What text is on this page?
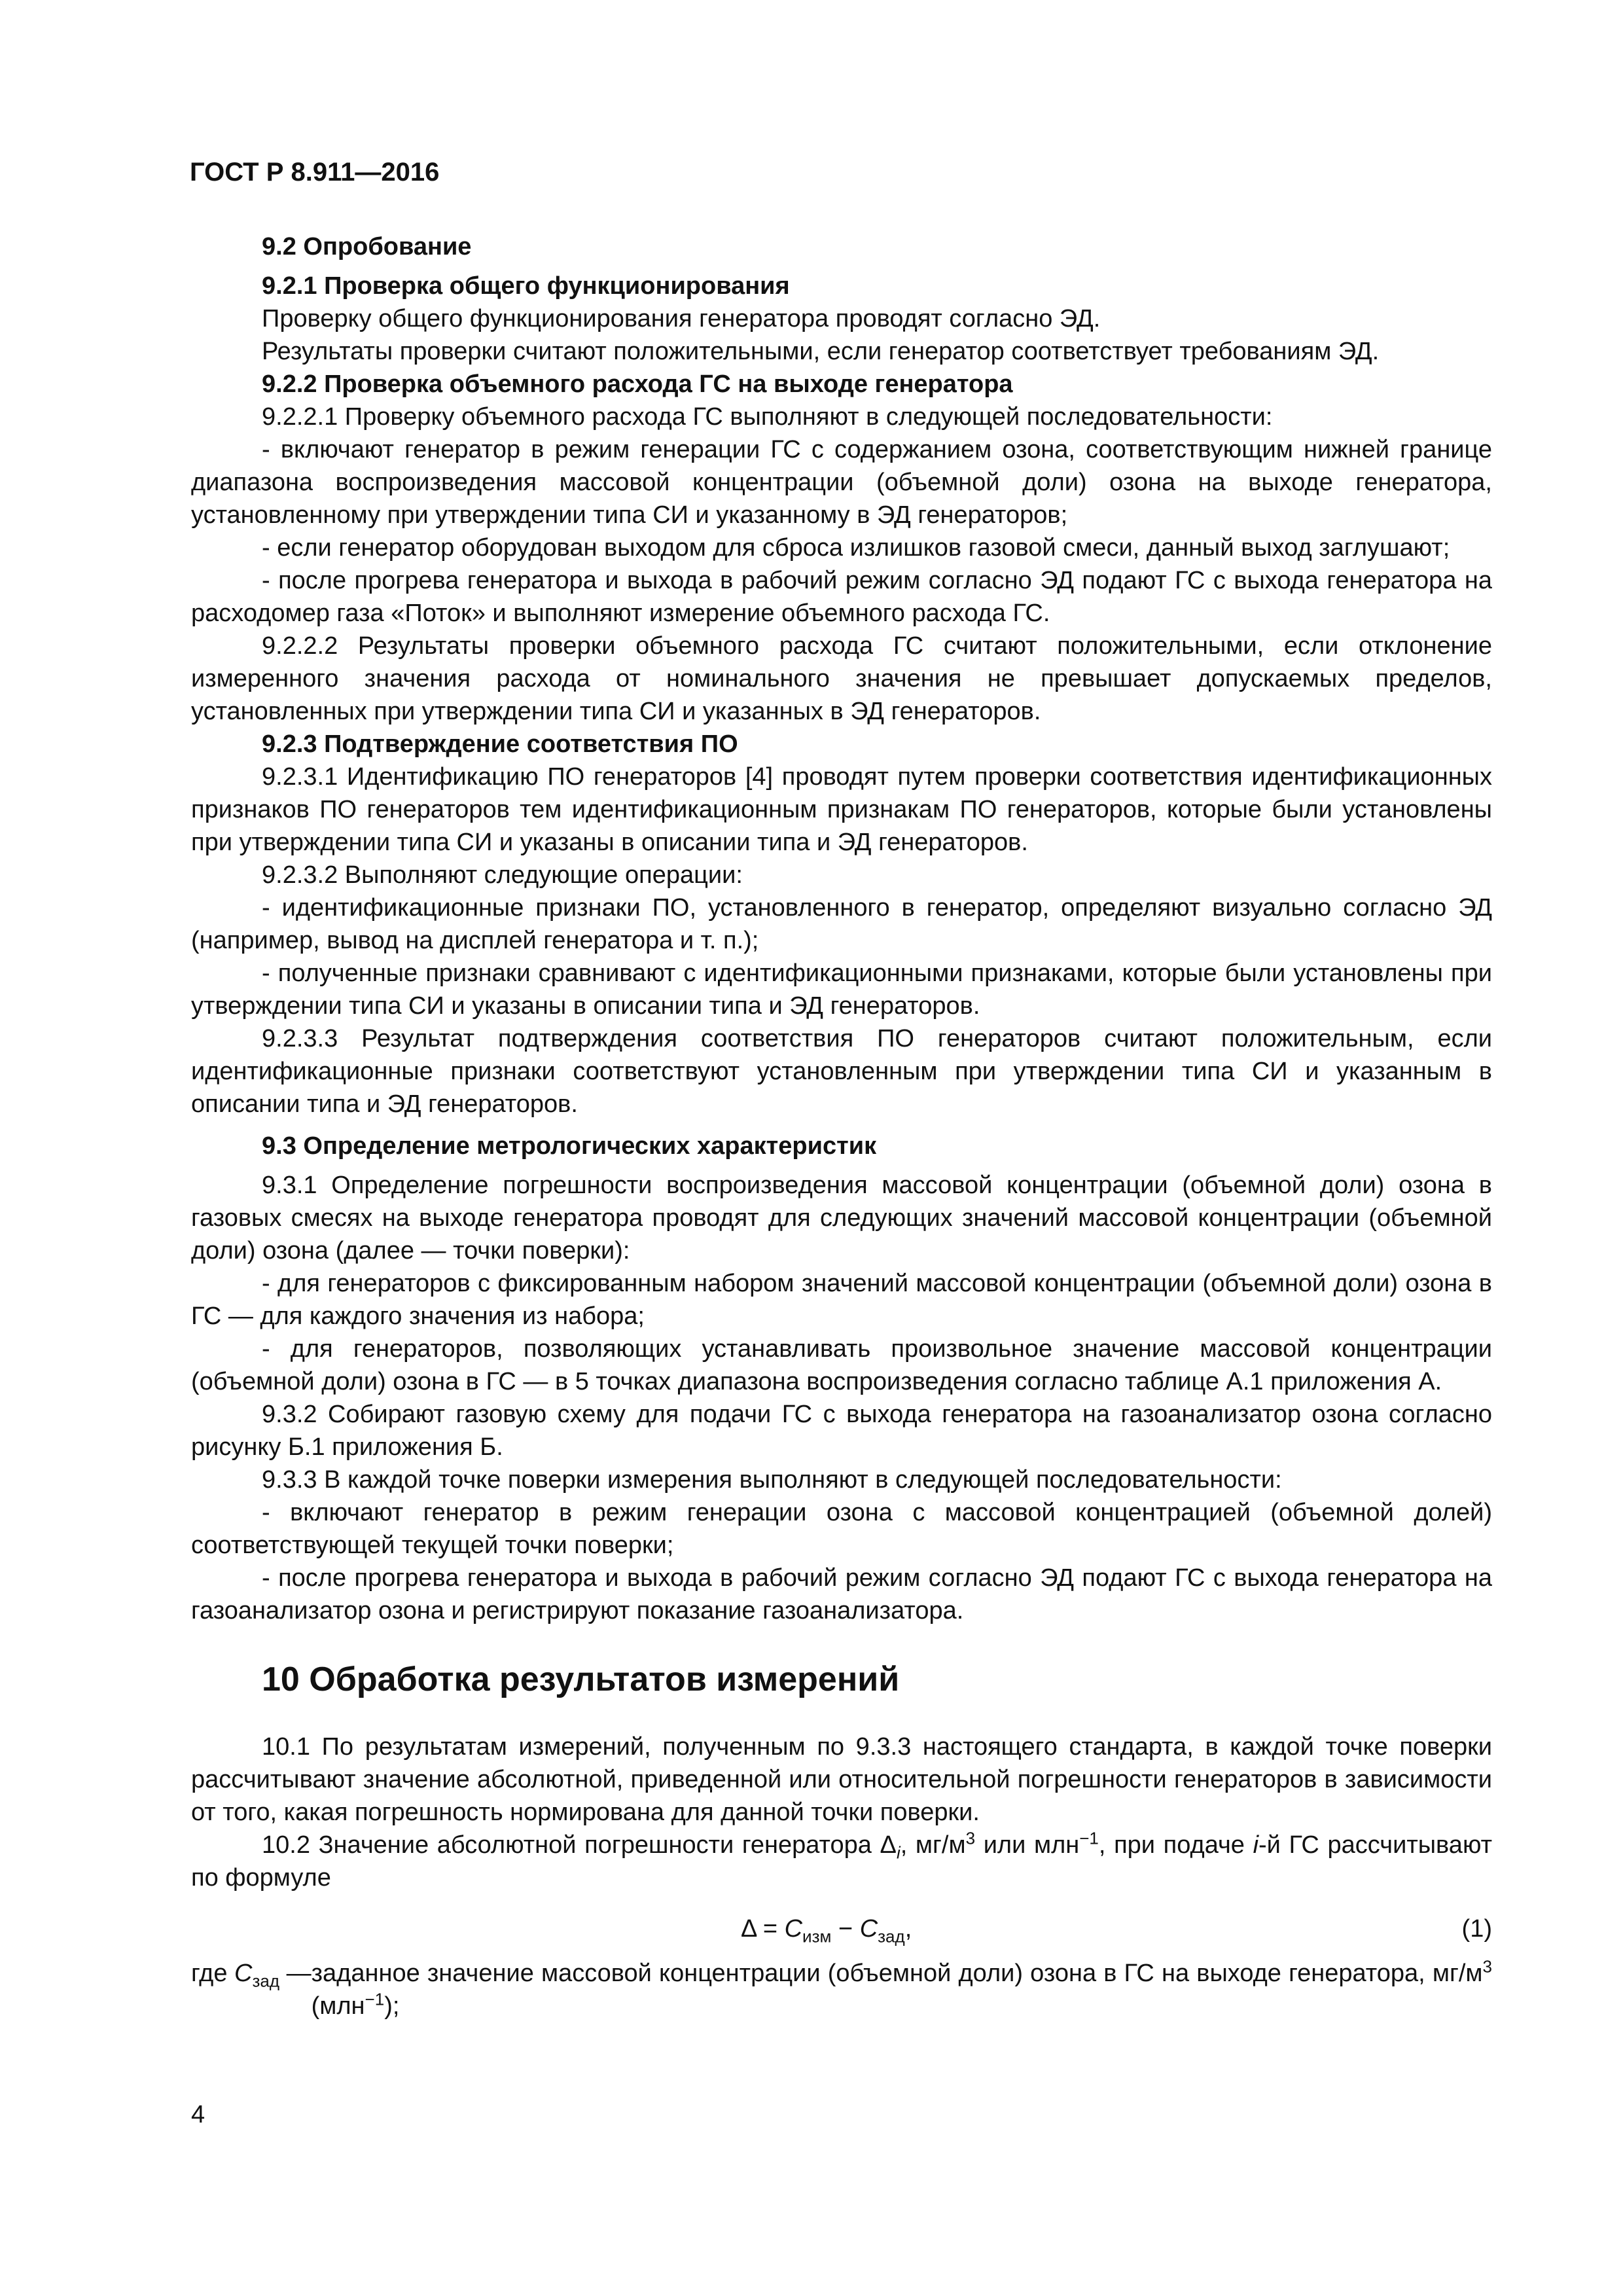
ГОСТ Р 8.911—2016

9.2 Опробование

9.2.1 Проверка общего функционирования

Проверку общего функционирования генератора проводят согласно ЭД.

Результаты проверки считают положительными, если генератор соответствует требованиям ЭД.

9.2.2 Проверка объемного расхода ГС на выходе генератора

9.2.2.1 Проверку объемного расхода ГС выполняют в следующей последовательности:

- включают генератор в режим генерации ГС с содержанием озона, соответствующим нижней границе диапазона воспроизведения массовой концентрации (объемной доли) озона на выходе генератора, установленному при утверждении типа СИ и указанному в ЭД генераторов;

- если генератор оборудован выходом для сброса излишков газовой смеси, данный выход заглушают;

- после прогрева генератора и выхода в рабочий режим согласно ЭД подают ГС с выхода генератора на расходомер газа «Поток» и выполняют измерение объемного расхода ГС.

9.2.2.2 Результаты проверки объемного расхода ГС считают положительными, если отклонение измеренного значения расхода от номинального значения не превышает допускаемых пределов, установленных при утверждении типа СИ и указанных в ЭД генераторов.

9.2.3 Подтверждение соответствия ПО

9.2.3.1 Идентификацию ПО генераторов [4] проводят путем проверки соответствия идентификационных признаков ПО генераторов тем идентификационным признакам ПО генераторов, которые были установлены при утверждении типа СИ и указаны в описании типа и ЭД генераторов.

9.2.3.2 Выполняют следующие операции:

- идентификационные признаки ПО, установленного в генератор, определяют визуально согласно ЭД (например, вывод на дисплей генератора и т. п.);

- полученные признаки сравнивают с идентификационными признаками, которые были установлены при утверждении типа СИ и указаны в описании типа и ЭД генераторов.

9.2.3.3 Результат подтверждения соответствия ПО генераторов считают положительным, если идентификационные признаки соответствуют установленным при утверждении типа СИ и указанным в описании типа и ЭД генераторов.

9.3 Определение метрологических характеристик

9.3.1 Определение погрешности воспроизведения массовой концентрации (объемной доли) озона в газовых смесях на выходе генератора проводят для следующих значений массовой концентрации (объемной доли) озона (далее — точки поверки):

- для генераторов с фиксированным набором значений массовой концентрации (объемной доли) озона в ГС — для каждого значения из набора;

- для генераторов, позволяющих устанавливать произвольное значение массовой концентрации (объемной доли) озона в ГС — в 5 точках диапазона воспроизведения согласно таблице А.1 приложения А.

9.3.2 Собирают газовую схему для подачи ГС с выхода генератора на газоанализатор озона согласно рисунку Б.1 приложения Б.

9.3.3 В каждой точке поверки измерения выполняют в следующей последовательности:

- включают генератор в режим генерации озона с массовой концентрацией (объемной долей) соответствующей текущей точки поверки;

- после прогрева генератора и выхода в рабочий режим согласно ЭД подают ГС с выхода генератора на газоанализатор озона и регистрируют показание газоанализатора.

10 Обработка результатов измерений

10.1 По результатам измерений, полученным по 9.3.3 настоящего стандарта, в каждой точке поверки рассчитывают значение абсолютной, приведенной или относительной погрешности генераторов в зависимости от того, какая погрешность нормирована для данной точки поверки.

10.2 Значение абсолютной погрешности генератора $\Delta_i$, $мг/м^3$ или млн$^{-1}$, при подаче i-й ГС рассчитывают по формуле

$\Delta = C_{изм} - C_{зад}$,	(1)
где $C_{зад}$ — заданное значение массовой концентрации (объемной доли) озона в ГС на выходе генератора, $мг/м^3$ (млн$^{-1}$);
4
